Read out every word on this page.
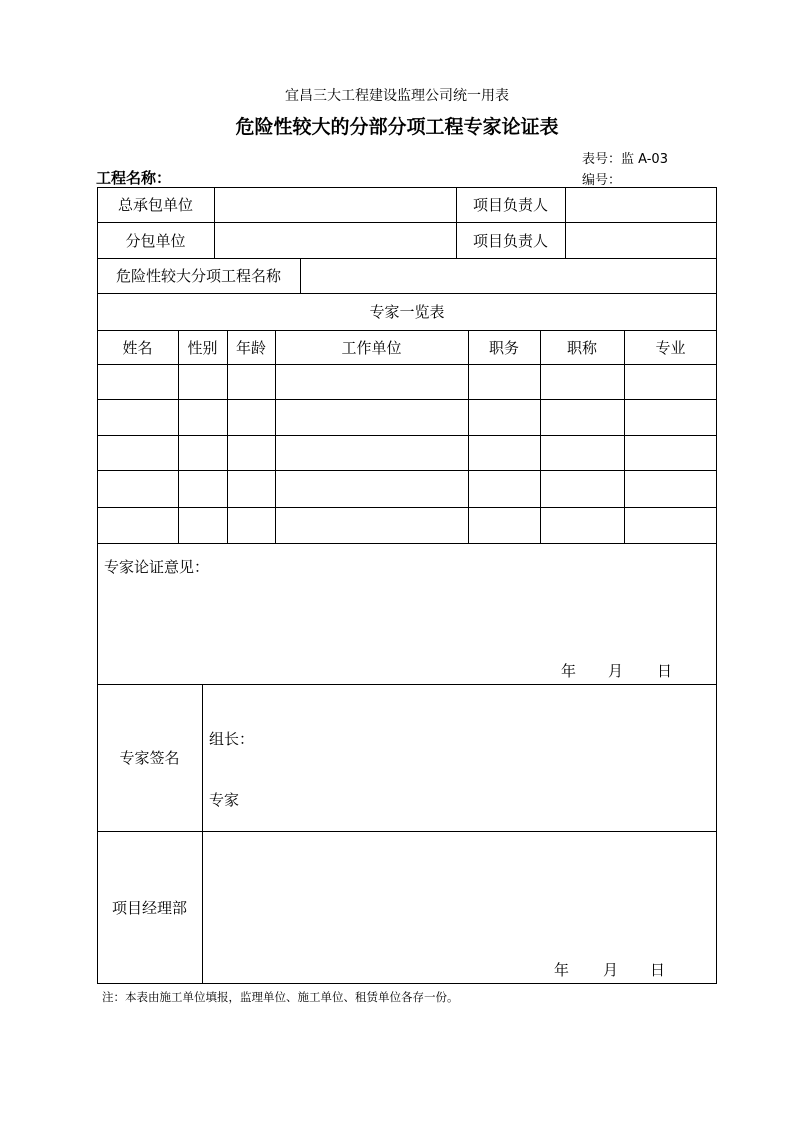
宜昌三大工程建设监理公司统一用表
危险性较大的分部分项工程专家论证表
表号：监 A-03
编号：
工程名称：
总承包单位	项目负责人
分包单位	项目负责人
危险性较大分项工程名称
专家一览表
姓名	性别	年龄	工作单位	职务	职称	专业
专家论证意见：
年 月 日
专家签名
组长：
专家
项目经理部
年 月 日
注：本表由施工单位填报，监理单位、施工单位、租赁单位各存一份。
